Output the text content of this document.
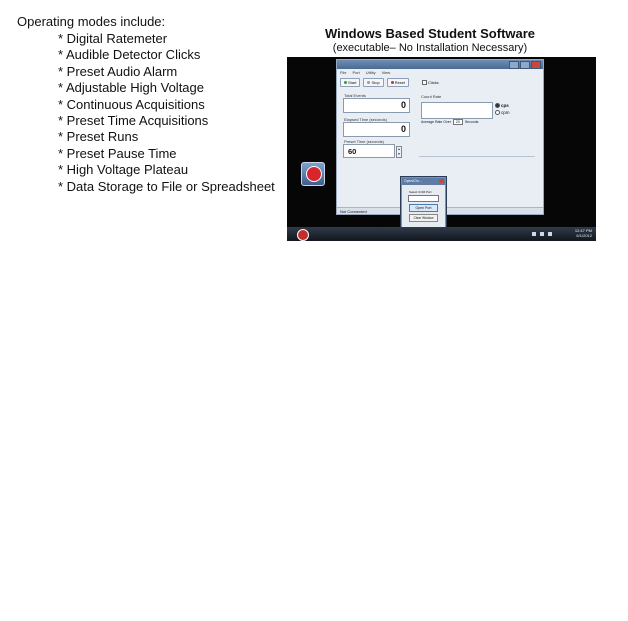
Operating modes include:
* Digital Ratemeter
* Audible Detector Clicks
* Preset Audio Alarm
* Adjustable High Voltage
* Continuous Acquisitions
* Preset Time Acquisitions
* Preset Runs
* Preset Pause Time
* High Voltage Plateau
* Data Storage to File or Spreadsheet
Windows Based Student Software
(executable– No Installation Necessary)
File Port Utility View
Start	Stop	Reset	Clicks
Total Events
0
Elapsed Time (seconds)
0
Preset Time (seconds)
60	▲
▼
Count Rate
cps
cpm
Average Rate Over	20	Seconds
Not Connected
Open/Clo...
Select COM Port
Open Port
Clear Window
12:47 PM
6/1/2012
